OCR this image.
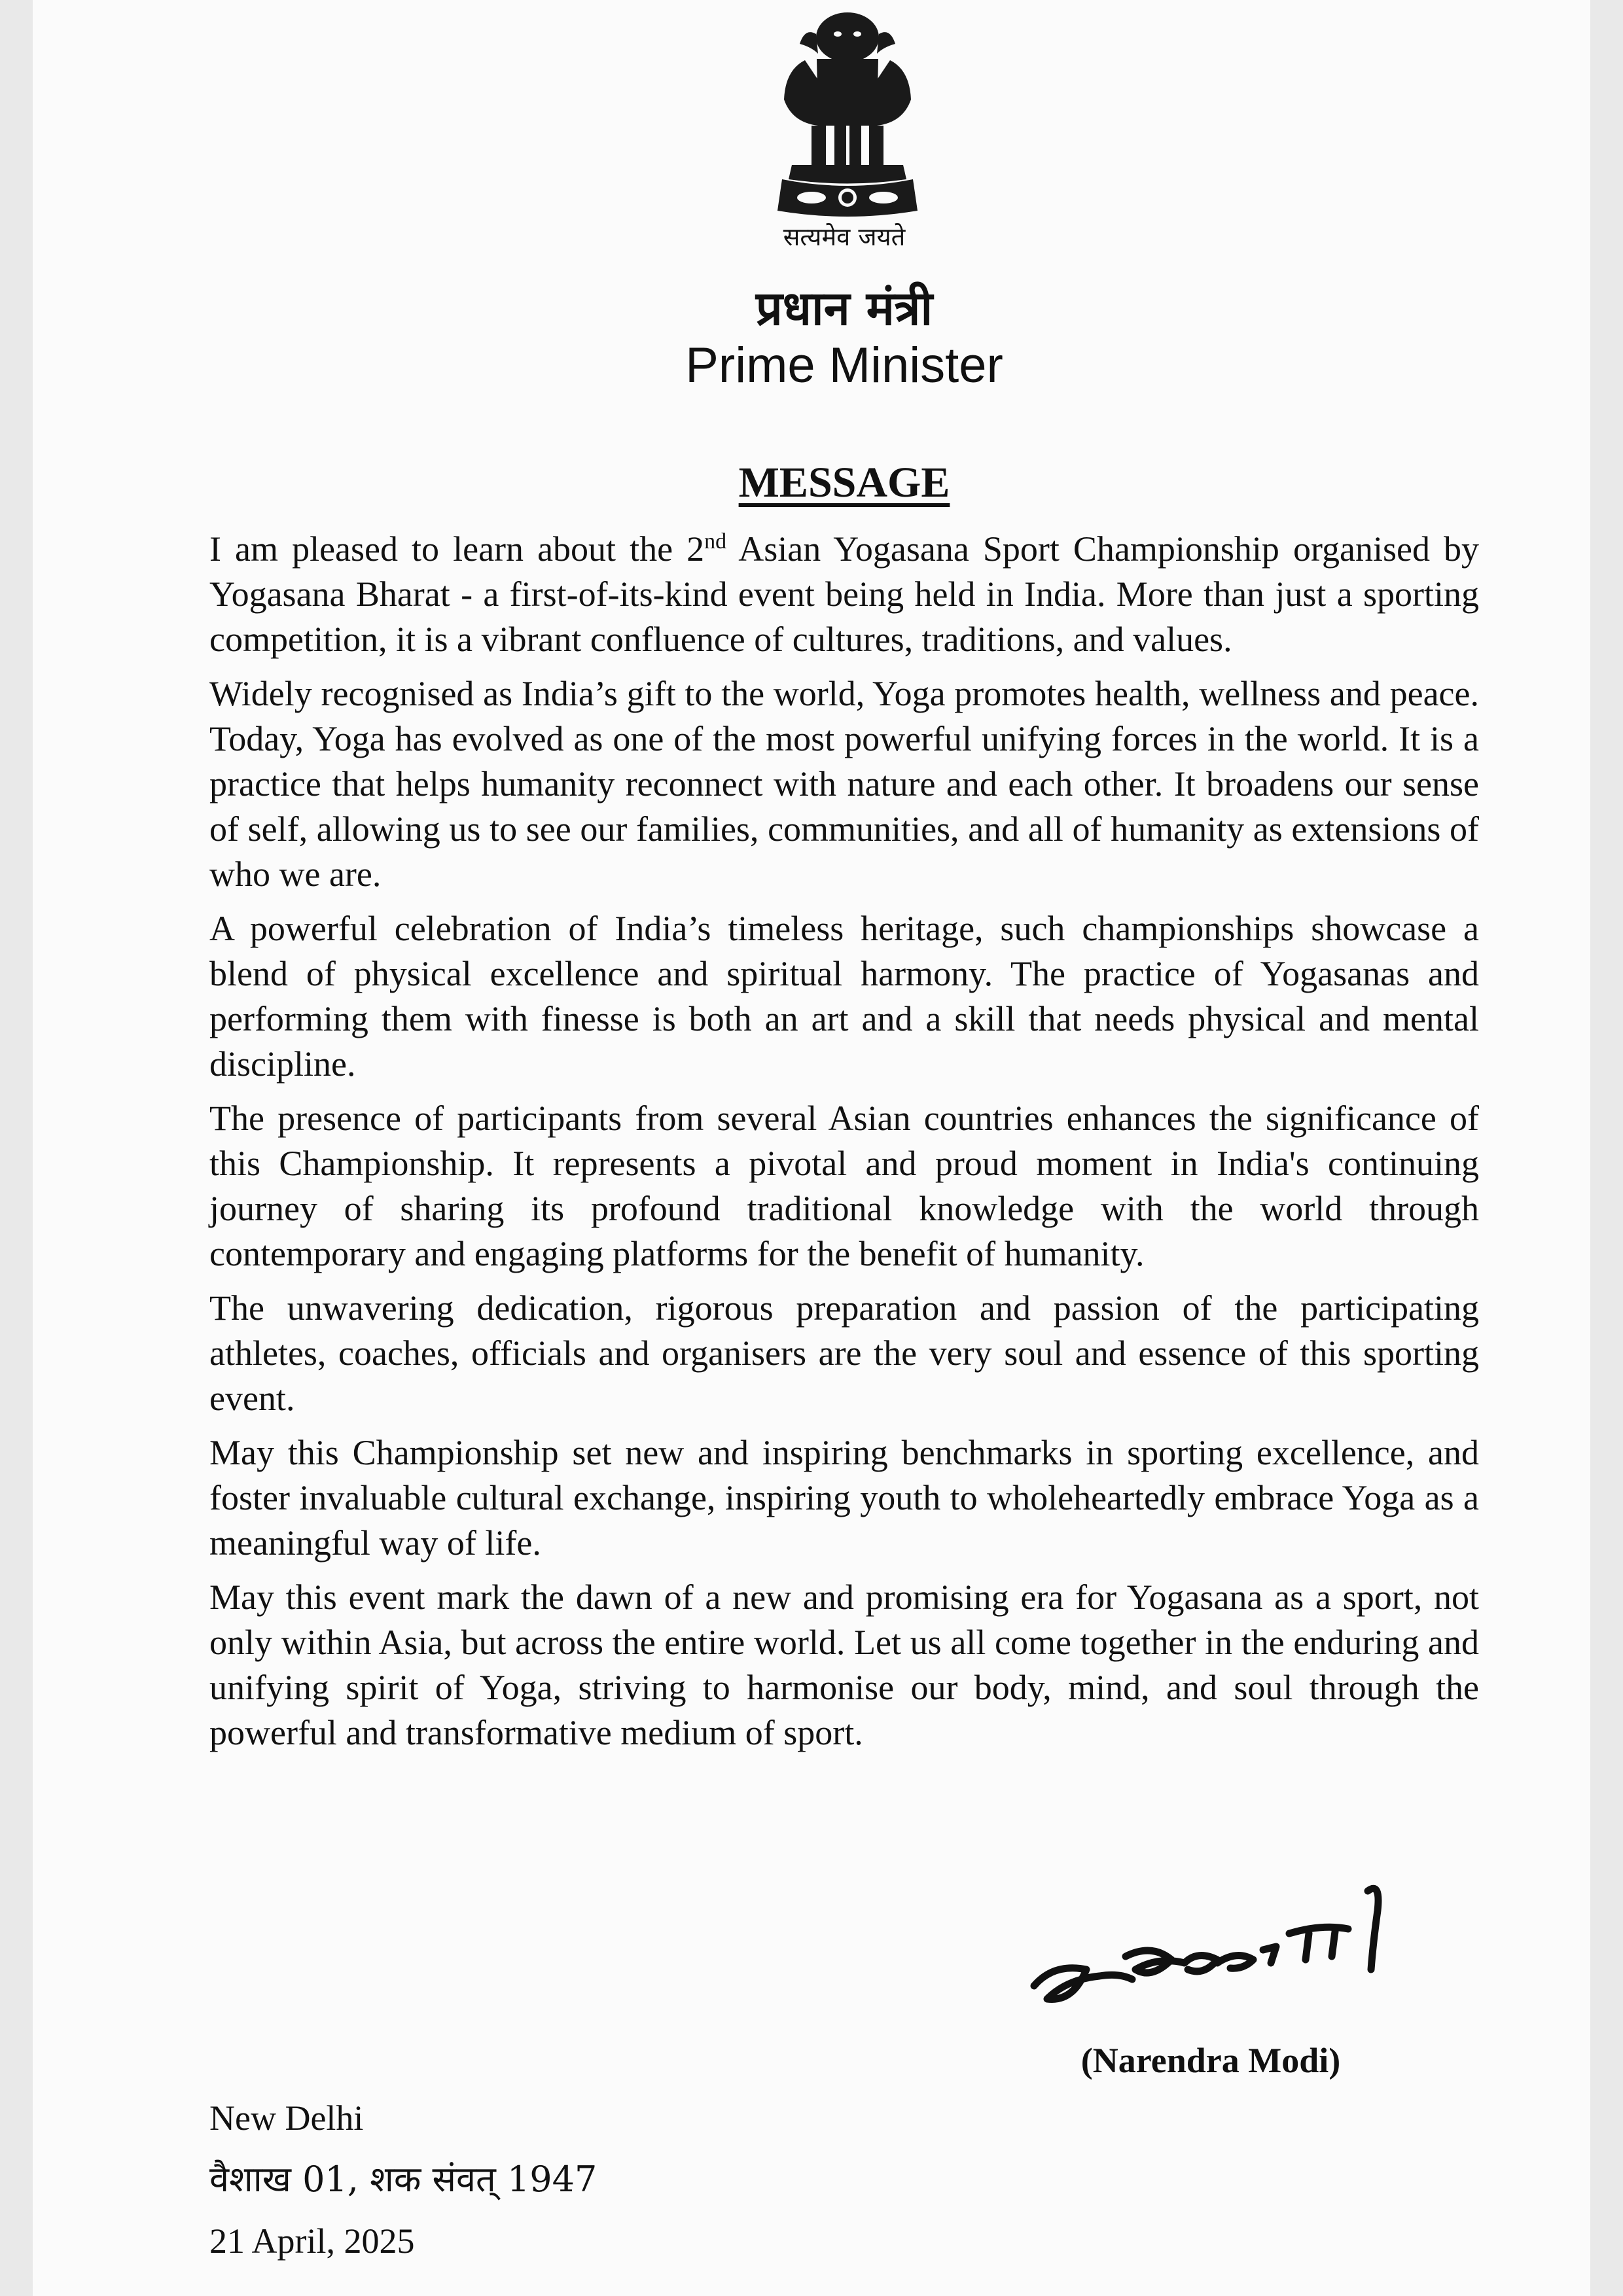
सत्यमेव जयते
प्रधान मंत्री
Prime Minister
MESSAGE

I am pleased to learn about the 2nd Asian Yogasana Sport Championship organised by Yogasana Bharat - a first-of-its-kind event being held in India. More than just a sporting competition, it is a vibrant confluence of cultures, traditions, and values.

Widely recognised as India’s gift to the world, Yoga promotes health, wellness and peace. Today, Yoga has evolved as one of the most powerful unifying forces in the world. It is a practice that helps humanity reconnect with nature and each other. It broadens our sense of self, allowing us to see our families, communities, and all of humanity as extensions of who we are.

A powerful celebration of India’s timeless heritage, such championships showcase a blend of physical excellence and spiritual harmony. The practice of Yogasanas and performing them with finesse is both an art and a skill that needs physical and mental discipline.

The presence of participants from several Asian countries enhances the significance of this Championship. It represents a pivotal and proud moment in India's continuing journey of sharing its profound traditional knowledge with the world through contemporary and engaging platforms for the benefit of humanity.

The unwavering dedication, rigorous preparation and passion of the participating athletes, coaches, officials and organisers are the very soul and essence of this sporting event.

May this Championship set new and inspiring benchmarks in sporting excellence, and foster invaluable cultural exchange, inspiring youth to wholeheartedly embrace Yoga as a meaningful way of life.

May this event mark the dawn of a new and promising era for Yogasana as a sport, not only within Asia, but across the entire world. Let us all come together in the enduring and unifying spirit of Yoga, striving to harmonise our body, mind, and soul through the powerful and transformative medium of sport.

(Narendra Modi)
New Delhi
वैशाख 01, शक संवत् 1947
21 April, 2025
